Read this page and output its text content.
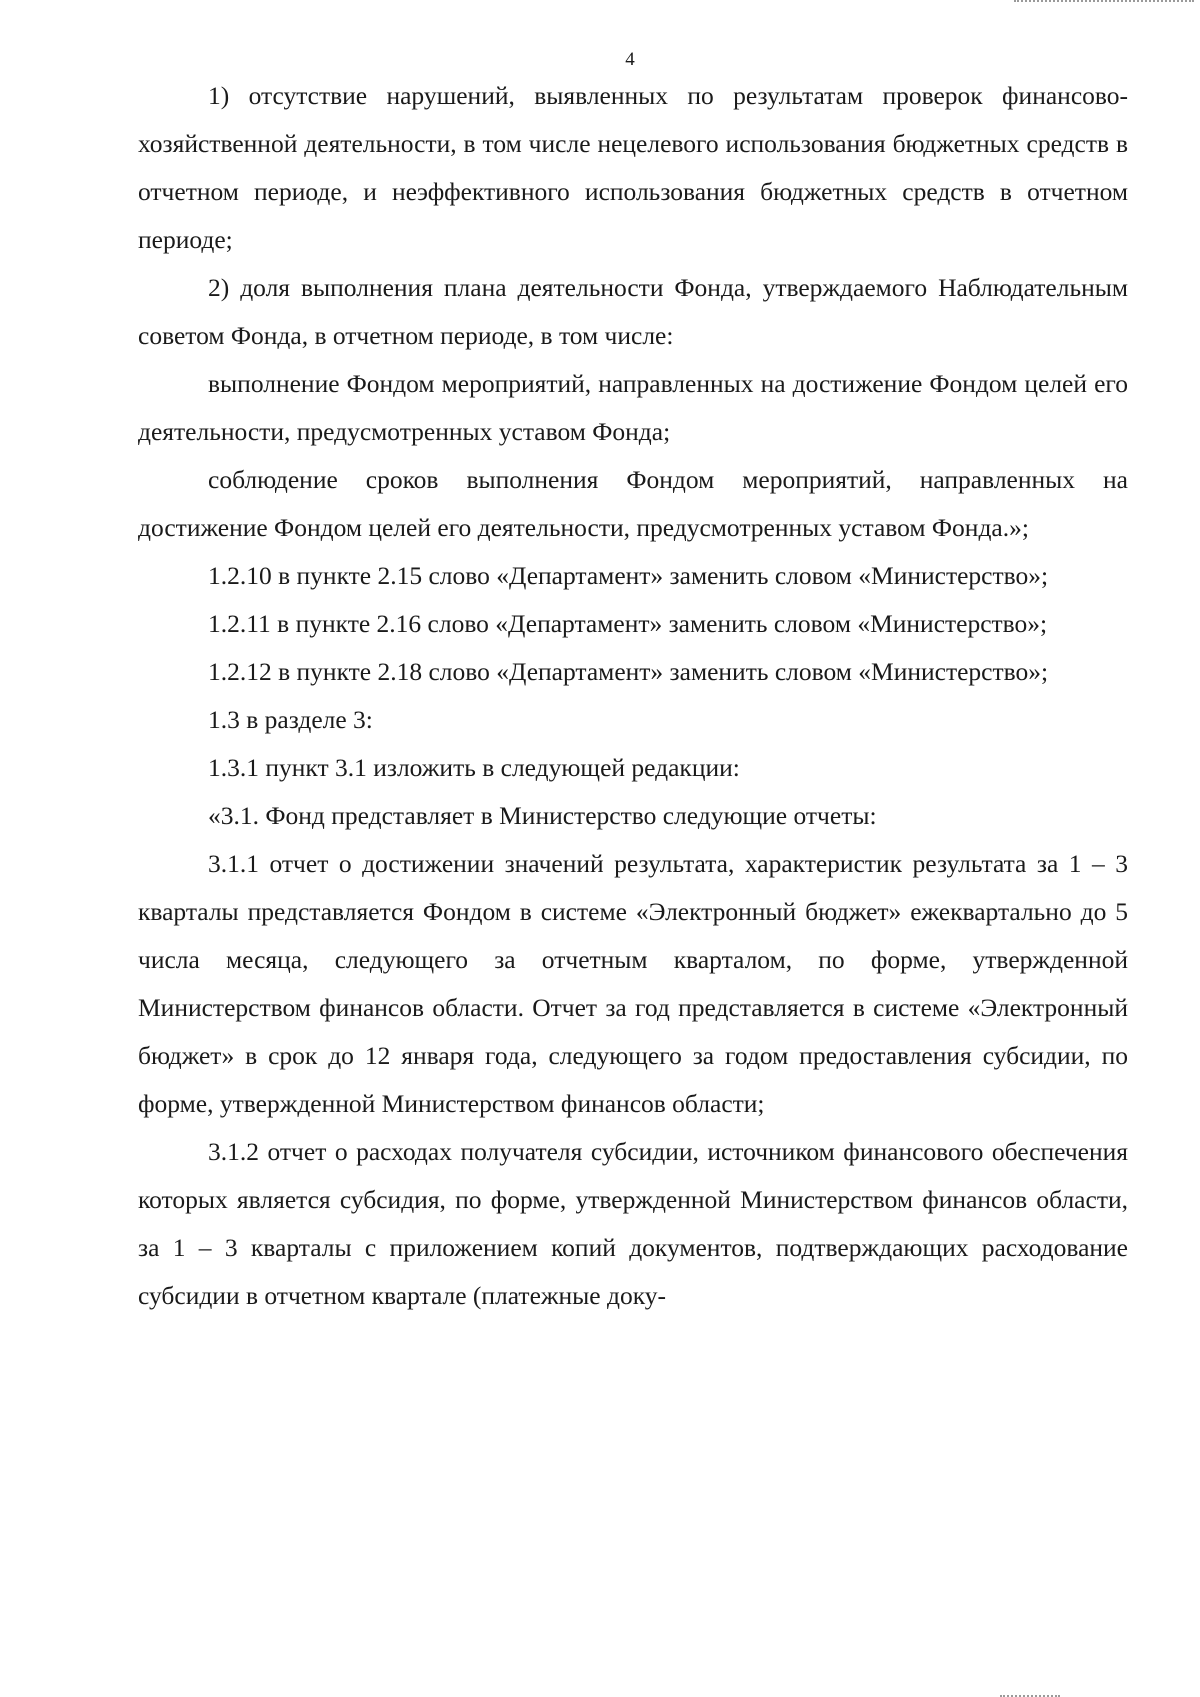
4

1) отсутствие нарушений, выявленных по результатам проверок финансово-хозяйственной деятельности, в том числе нецелевого использования бюджетных средств в отчетном периоде, и неэффективного использования бюджетных средств в отчетном периоде;

2) доля выполнения плана деятельности Фонда, утверждаемого Наблюдательным советом Фонда, в отчетном периоде, в том числе:

выполнение Фондом мероприятий, направленных на достижение Фондом целей его деятельности, предусмотренных уставом Фонда;

соблюдение сроков выполнения Фондом мероприятий, направленных на достижение Фондом целей его деятельности, предусмотренных уставом Фонда.»;

1.2.10 в пункте 2.15 слово «Департамент» заменить словом «Министерство»;

1.2.11 в пункте 2.16 слово «Департамент» заменить словом «Министерство»;

1.2.12 в пункте 2.18 слово «Департамент» заменить словом «Министерство»;

1.3 в разделе 3:

1.3.1 пункт 3.1 изложить в следующей редакции:

«3.1. Фонд представляет в Министерство следующие отчеты:

3.1.1 отчет о достижении значений результата, характеристик результата за 1 – 3 кварталы представляется Фондом в системе «Электронный бюджет» ежеквартально до 5 числа месяца, следующего за отчетным кварталом, по форме, утвержденной Министерством финансов области. Отчет за год представляется в системе «Электронный бюджет» в срок до 12 января года, следующего за годом предоставления субсидии, по форме, утвержденной Министерством финансов области;

3.1.2 отчет о расходах получателя субсидии, источником финансового обеспечения которых является субсидия, по форме, утвержденной Министерством финансов области, за 1 – 3 кварталы с приложением копий документов, подтверждающих расходование субсидии в отчетном квартале (платежные доку-
